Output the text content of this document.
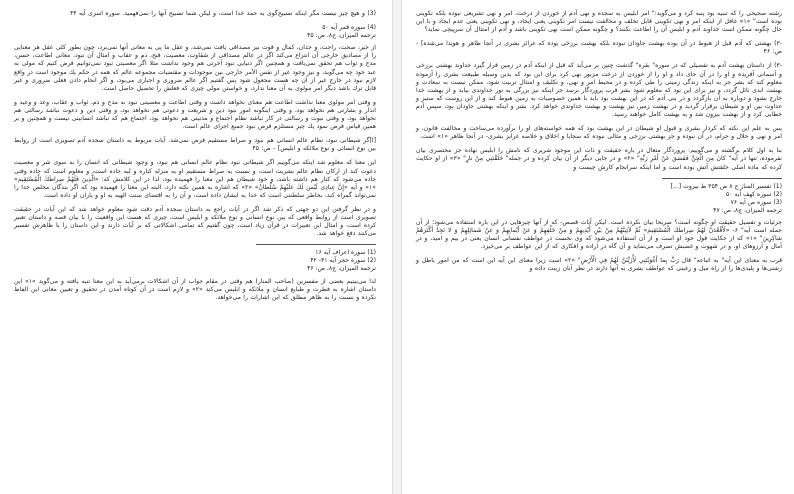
(3) و هيچ چيز نيست مگر اينكه تسبيح‌گوى به حمد خدا است، و ليكن شما تسبيح آنها را نمى‌فهميد. سوره اسرى آيه ۴۴

(4) سوره قمر آيه ۵۰

ترجمه الميزان، ج‌۸، ص: ۴۵

از خير، صحت، راحت، و جدان، كمال و قوت نيز مصداقى يافت نمى‌شد، و عقل ما پى به معانى آنها نمى‌برد، چون بطور كلى عقل هر معنايى را از مصاديق خارجى آن انتزاع مى‌كند اگر در عالم مصداقى از شقاوت، معصيت، قبح، ذم و عقاب و امثال آن نبود، معانى اطاعت، حسن، مدح و ثواب هم تحقق نمى‌يافت و همچنين اگر دنيايى نبود آخرتى هم وجود نداشت مثلا اگر معصيتى نبود نمى‌توانيم فرض كنيم كه مولى به عبد خود چه مى‌گويد، و نيز وجود غير از نفس الأمر خارجى بين موجودات و مقتضيات مجموعه عالم كه همه در حكم يك موجود است در واقع لازم نبود در خارج غير از آن چه هست مجعول شود پس گفتيم اگر عالم ضرورى و اجبارى مى‌بود، و اگر انجام دادن فعلى ضرورى و غير قابل ترك باشد ديگر امر مولوى به آن معنا ندارد، و خواستن مولى چيزى كه فعلش را تحصيل حاصل است.

و وقتى امر مولوى معنا نداشت اطاعت هم معناى نخواهد داشت و وقتى اطاعت و معصيتى نبود نه مدح و ذم، ثواب و عقاب، وعد و وعيد و انذار و بشارتى هم نخواهد بود، و وقتى اينگونه امور نبود دين و شريعت و دعوتى هم نخواهد بود، و وقتى دين و دعوت نباشد رسالتى هم نخواهد بود، و وقتى نبوت و رسالتى در كار نباشد نظام اجتماع و مدنيتى هم نخواهد بود، اجتماع هم كه نباشد انسانيتى نيست و همچنين و بر همين قياس فرض نمود يك چيز مستلزم فرض نبود جميع اجزاى عالم است.

[ا]گر شيطانى نبود، نظام عالم انسانى هم نبود و صراط مستقيم فرض نمى‌شد. آيات مربوط به داستان سجده آدم تصويرى است از روابط بين نوع انسانى و نوع ملائكه و ابليس] - ص: ۴۵

اين معنا كه معلوم شد اينكه مى‌گوييم اگر شيطانى نبود نظام عالم انسانى هم نبود، و وجود شيطانى كه انسان را به سوى شر و معصيت دعوت كند از اركان نظام عالم بشريت است، و نسبت به صراط مستقيم او به منزله كناره و لبه جاده است، و معلوم است كه جاده وقتى جاده مى‌شود كه كنار هم داشته باشد، و خود شيطان هم اين معنا را فهميده بود، لذا در اين كلامش كه: «الَّذِينَ فَلَهُمْ صِراطَكَ الْمُسْتَقِيمَ» «۱» و آيه «إِنَّ عِبادِى لَيْسَ لَكَ عَلَيْهِمْ سُلْطانٌ» «۲» كه اشاره به همين نكته دارد، البته اين معنا را فهميده بود كه اگر بندگان مخلص خدا را نمى‌تواند گمراه كند، بخاطر سلطنتى است كه خدا به ايشان داده است، و آن را به اقتضاى سنت الهيه به او و ياران او داده است.

و در نظر گرفتن اين دو جهتى كه ذكر شد اگر در آيات راجع به داستان سجده آدم دقت شود معلوم خواهد شد كه اين آيات در حقيقت تصويرى است از روابط واقعى كه بين نوع انسانى و نوع ملائكه و ابليس است، چيزى كه هست اين واقعيت را با بيان قصه و داستان تعبير كرده است، و امثال اين تعبيرات در قرآن زياد است، چون گفتيم كه تمامى اشكالاتى كه بر آيات دارند و اين داستان را با ظاهرش تفسير مى‌كنند دفع خواهد شد.

(1) سوره اعراف آيه ۱۶

(2) سوره حجر آيه ۴۱- ۴۲

ترجمه الميزان، ج‌۸، ص: ۴۶

لذا مى‌بينيم بعضى از مفسرين (صاحب المنار) هم وقتى در مقام جواب از آن اشكالات برمى‌آيد به اين معنا تنبه يافته و مى‌گويد «۱» اين داستان اشاره به فطرت و طبايع انسان و ملائكه و ابليس مى‌كند «۲» و لازم است در آن كوتاه آمدن در تحقيق و تعيين معانى اين الفاظ نكرده و نسبت را به ظاهر مطلق كه اين اشارات را مى‌خواهد.

رشته صحيحى را كه تنبيه بود پنبه كرد و مى‌گويد:" امر ابليس به سجده و نهى آدم از خوردن از درخت، امر و نهى تشريعى نبوده بلكه تكوينى بوده است" «۱» غافل از اينكه امر و نهى تكوينى قابل تخلف و مخالفت نيست امر تكوينى يعنى ايجاد، و نهى تكوينى يعنى عدم ايجاد و با اين حال چگونه ممكن است خداوند آدم و ابليس آن را اطاعت نكنند؟ و چگونه ممكن است نهى تكوينى باشد و آدم از امتثال آن سرپيچى نمايد؟

-۳) بهشتى كه آدم قبل از هبوط در آن بوده بهشت جاودان نبوده بلكه بهشت برزخى بوده كه غرائز بشرى در آنجا ظاهر و هويدا مى‌شده] - ص: ۴۶

-۳) از داستان بهشت آدم به تفصيلى كه در سوره" بقره" گذشت چنين بر مى‌آيد كه قبل از اينكه آدم در زمين قرار گيرد خداوند بهشتى برزخى و آسمانى آفريده و او را در آن جاى داد و او را از خوردن از درخت مزبور نهى كرد براى اين بود كه بدين وسيله طبيعت بشرى را آزموده معلوم كند كه بشر جز به اينكه زندگى زمينى را طى كرده و در محيط امر و نهى، و تكليف و امتثال تربيت شود، ممكن نيست به سعادت و بهشت ابدى نائل گردد، و نيز براى اين بود كه معلوم شود بشر قرب پروردگار نرسد جز اينكه نيز بزرگى به نور خداوندى بيابد و از بهشت خدا خارج بشود و دوباره به آن بازگردد و ذر بنى آدم كه در اين بهشت بود بايد با همين خصوصيات به زمين هبوط كند و از اين روست كه ستيز و عداوت بين او و شيطان برقرار گرديد و در بهشت زمين نيز بهشت و بهشت خداوندى خواهد كرد. بشر و اينكه بهشتى جاودان بود، سپس آدم خطايى كرد و از بهشت بيرون شد و به بهشت كامل خواهند رسيد.

پس به علم اين نكته كه كردار بشرى و قبول او شيطان در اين بهشت بود كه همه خواسته‌هاى او را برآورده مى‌ساخت و مخالفت قانون، و امر و نهى و حلال و حرام، در آن نبوده و جز بهشتى برزخى و مثالى نبوده كه سجايا و اخلاق و خلاصه غرايز بشرى- در آنجا ظاهر «۱» است.

بنا به اول كلام برگشته و مى‌گوييم: پروردگار متعال در باره حقيقت و ذات اين موجود شريرى كه نامش را ابليس نهاده جز مختصرى بيان نفرموده، تنها در آيه" كانَ مِنَ الْجِنِّ فَفَسَقَ عَنْ أَمْرِ رَبِّهِ" «۲» و در جايى ديگر از آن بيان كرده و در جمله" خَلَقْتَنِي مِنْ نارٍ" «۳» از او حكايت كرده كه ماده اصلى خلقتش آتش بوده است و اما اينكه سرانجام كارش چيست و

(1) تفسير المنار ج ۸ ص ۳۵۴ ط بيروت [...]

(2) سوره كهف آيه ۵۰

(3) سوره ص آيه ۷۶

ترجمه الميزان، ج‌۸، ص: ۴۷

جزئيات و تفصيل حقيقت او چگونه است؟ صريحا بيان نكرده است. ليكن آيات قصص- كه از آنها چيزهايى در اين باره استفاده مى‌شود؛ از آن جمله است آيه" ۶- «لَأَقْعُدَنَّ لَهُمْ صِراطَكَ الْمُسْتَقِيمَ» ثُمَّ لَآتِيَنَّهُمْ مِنْ بَيْنِ أَيْدِيهِمْ وَ مِنْ خَلْفِهِمْ وَ عَنْ أَيْمانِهِمْ وَ عَنْ شَمائِلِهِمْ وَ لا تَجِدُ أَكْثَرَهُمْ شاكِرِينَ" «۱» كه از حكايت قول خود او است و از آن استفاده مى‌شود كه وى نخست در عواطف نفسانى انسان يعنى در بيم و اميد، و در آمال و آرزوهاى او، و در شهوت و غضبش تصرف مى‌نمايد و آن گاه در اراده و افكارى كه از اين عواطف بر مى‌خيزد.

قرب به معناى اين آيه" به اتباعه" قال رَبِّ بِما أَغْوَيْتَنِي لَأُزَيِّنَنَّ لَهُمْ فِي الْأَرْضِ" «۲» است زيرا معناى اين آيه اين است كه من امور باطل و زشتى‌ها و پليدى‌ها را از راه ميل و رغبتى كه عواطف بشرى به آنها دارند در نظر آنان زينت داده و
